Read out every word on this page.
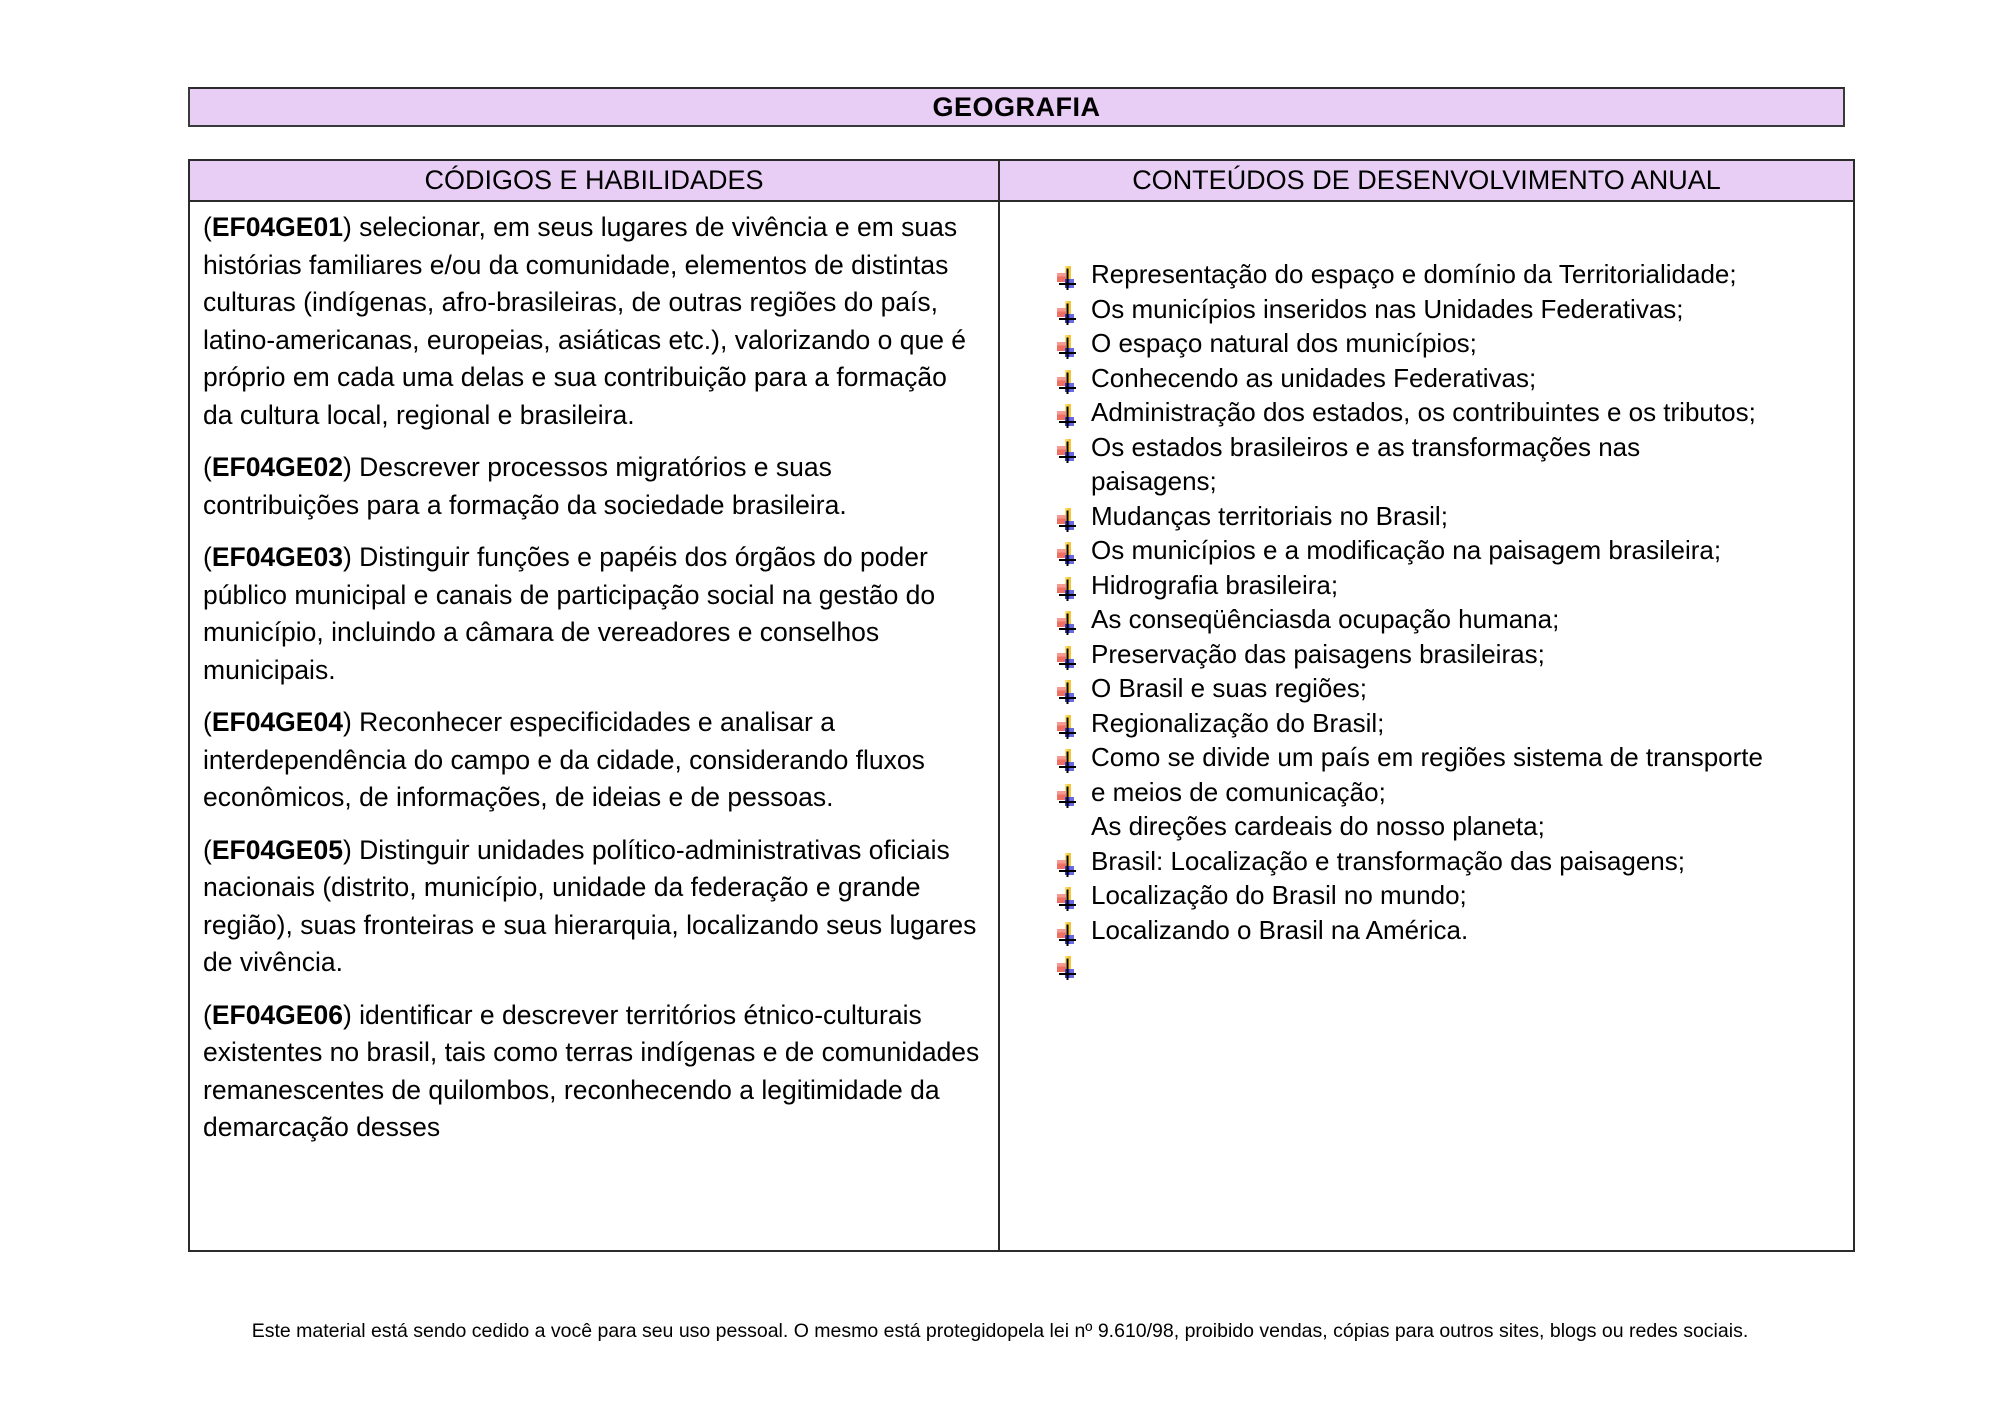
GEOGRAFIA
CÓDIGOS E HABILIDADES	CONTEÚDOS DE DESENVOLVIMENTO ANUAL

(EF04GE01) selecionar, em seus lugares de vivência e em suas histórias familiares e/ou da comunidade, elementos de distintas culturas (indígenas, afro-brasileiras, de outras regiões do país, latino-americanas, europeias, asiáticas etc.), valorizando o que é próprio em cada uma delas e sua contribuição para a formação da cultura local, regional e brasileira.

(EF04GE02) Descrever processos migratórios e suas contribuições para a formação da sociedade brasileira.

(EF04GE03) Distinguir funções e papéis dos órgãos do poder público municipal e canais de participação social na gestão do município, incluindo a câmara de vereadores e conselhos municipais.

(EF04GE04) Reconhecer especificidades e analisar a interdependência do campo e da cidade, considerando fluxos econômicos, de informações, de ideias e de pessoas.

(EF04GE05) Distinguir unidades político-administrativas oficiais nacionais (distrito, município, unidade da federação e grande região), suas fronteiras e sua hierarquia, localizando seus lugares de vivência.

(EF04GE06) identificar e descrever territórios étnico-culturais existentes no brasil, tais como terras indígenas e de comunidades remanescentes de quilombos, reconhecendo a legitimidade da demarcação desses

Representação do espaço e domínio da Territorialidade;
Os municípios inseridos nas Unidades Federativas;
O espaço natural dos municípios;
Conhecendo as unidades Federativas;
Administração dos estados, os contribuintes e os tributos;
Os estados brasileiros e as transformações nas
paisagens;
Mudanças territoriais no Brasil;
Os municípios e a modificação na paisagem brasileira;
Hidrografia brasileira;
As conseqüênciasda ocupação humana;
Preservação das paisagens brasileiras;
O Brasil e suas regiões;
Regionalização do Brasil;
Como se divide um país em regiões sistema de transporte
e meios de comunicação;
As direções cardeais do nosso planeta;
Brasil: Localização e transformação das paisagens;
Localização do Brasil no mundo;
Localizando o Brasil na América.
Este material está sendo cedido a você para seu uso pessoal. O mesmo está protegidopela lei nº 9.610/98, proibido vendas, cópias para outros sites, blogs ou redes sociais.
